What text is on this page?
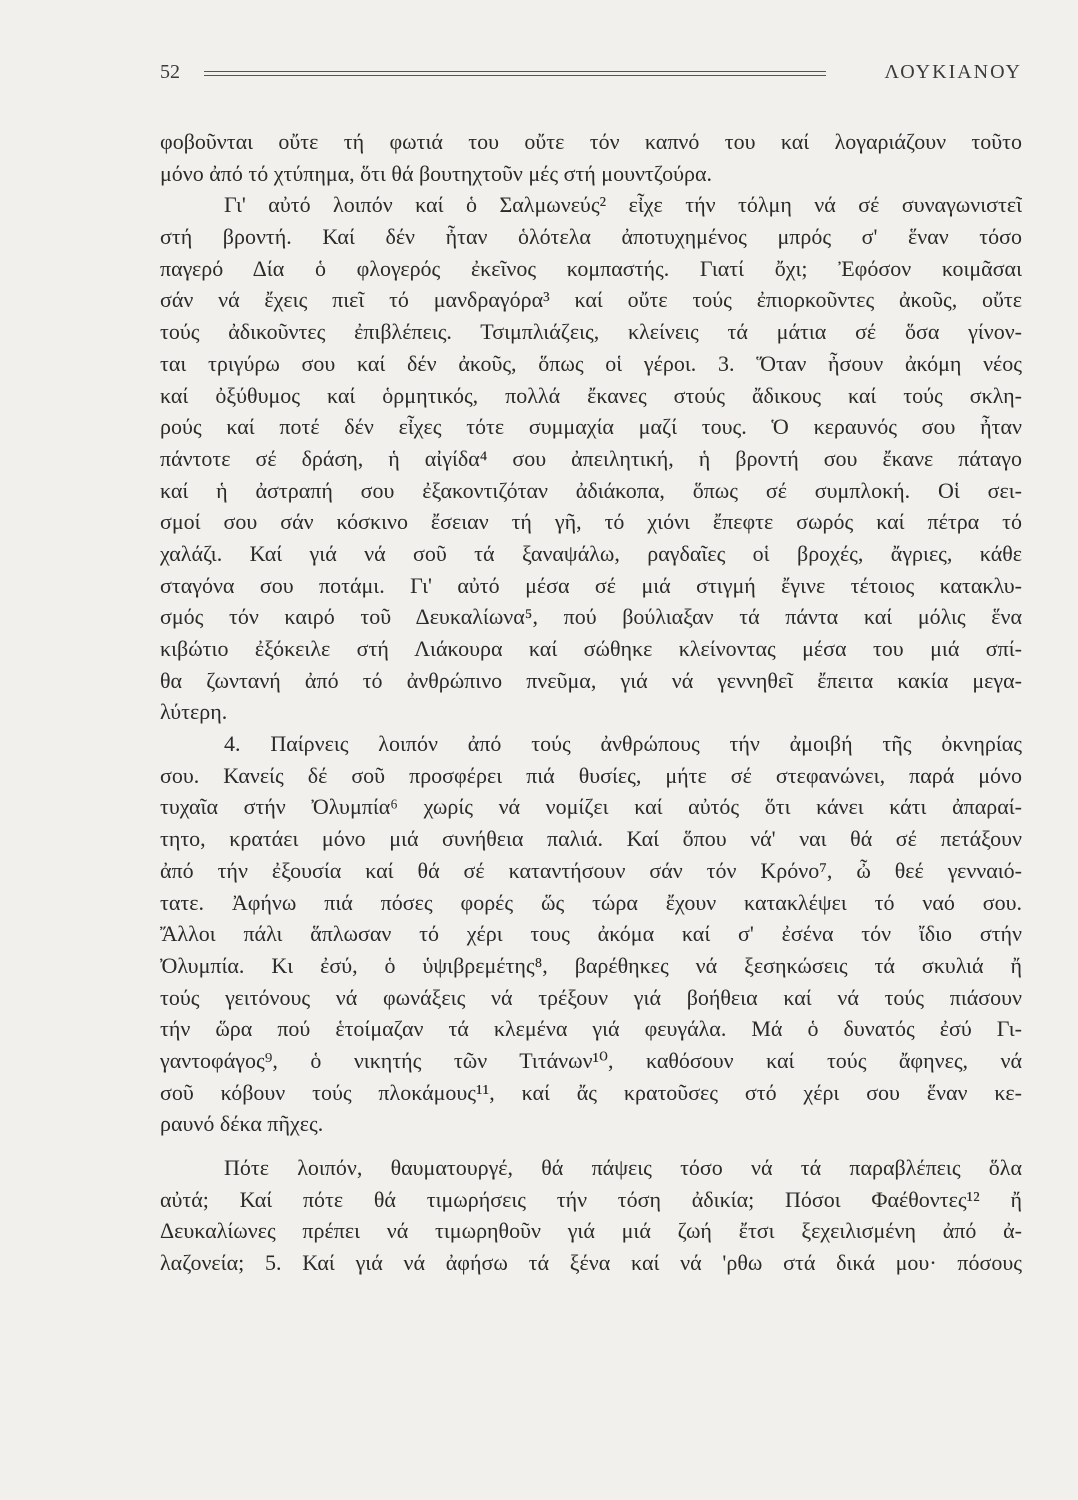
52	ΛΟΥΚΙΑΝΟΥ
φοβοῦνται οὔτε τή φωτιά του οὔτε τόν καπνό του καί λογαριάζουν τοῦτο
μόνο ἀπό τό χτύπημα, ὅτι θά βουτηχτοῦν μές στή μουντζούρα.
Γι' αὐτό λοιπόν καί ὁ Σαλμωνεύς² εἶχε τήν τόλμη νά σέ συναγωνιστεῖ
στή βροντή. Καί δέν ἦταν ὁλότελα ἀποτυχημένος μπρός σ' ἕναν τόσο
παγερό Δία ὁ φλογερός ἐκεῖνος κομπαστής. Γιατί ὄχι; Ἐφόσον κοιμᾶσαι
σάν νά ἔχεις πιεῖ τό μανδραγόρα³ καί οὔτε τούς ἐπιορκοῦντες ἀκοῦς, οὔτε
τούς ἀδικοῦντες ἐπιβλέπεις. Τσιμπλιάζεις, κλείνεις τά μάτια σέ ὅσα γίνον-
ται τριγύρω σου καί δέν ἀκοῦς, ὅπως οἱ γέροι. 3. Ὅταν ἦσουν ἀκόμη νέος
καί ὀξύθυμος καί ὁρμητικός, πολλά ἔκανες στούς ἄδικους καί τούς σκλη-
ρούς καί ποτέ δέν εἶχες τότε συμμαχία μαζί τους. Ὁ κεραυνός σου ἦταν
πάντοτε σέ δράση, ἡ αἰγίδα⁴ σου ἀπειλητική, ἡ βροντή σου ἔκανε πάταγο
καί ἡ ἀστραπή σου ἐξακοντιζόταν ἀδιάκοπα, ὅπως σέ συμπλοκή. Οἱ σει-
σμοί σου σάν κόσκινο ἔσειαν τή γῆ, τό χιόνι ἔπεφτε σωρός καί πέτρα τό
χαλάζι. Καί γιά νά σοῦ τά ξαναψάλω, ραγδαῖες οἱ βροχές, ἄγριες, κάθε
σταγόνα σου ποτάμι. Γι' αὐτό μέσα σέ μιά στιγμή ἔγινε τέτοιος κατακλυ-
σμός τόν καιρό τοῦ Δευκαλίωνα⁵, πού βούλιαξαν τά πάντα καί μόλις ἕνα
κιβώτιο ἐξόκειλε στή Λιάκουρα καί σώθηκε κλείνοντας μέσα του μιά σπί-
θα ζωντανή ἀπό τό ἀνθρώπινο πνεῦμα, γιά νά γεννηθεῖ ἔπειτα κακία μεγα-
λύτερη.
4. Παίρνεις λοιπόν ἀπό τούς ἀνθρώπους τήν ἀμοιβή τῆς ὀκνηρίας
σου. Κανείς δέ σοῦ προσφέρει πιά θυσίες, μήτε σέ στεφανώνει, παρά μόνο
τυχαῖα στήν Ὀλυμπία⁶ χωρίς νά νομίζει καί αὐτός ὅτι κάνει κάτι ἀπαραί-
τητο, κρατάει μόνο μιά συνήθεια παλιά. Καί ὅπου νά' ναι θά σέ πετάξουν
ἀπό τήν ἐξουσία καί θά σέ καταντήσουν σάν τόν Κρόνο⁷, ὦ θεέ γενναιό-
τατε. Ἀφήνω πιά πόσες φορές ὥς τώρα ἔχουν κατακλέψει τό ναό σου.
Ἄλλοι πάλι ἅπλωσαν τό χέρι τους ἀκόμα καί σ' ἐσένα τόν ἴδιο στήν
Ὀλυμπία. Κι ἐσύ, ὁ ὑψιβρεμέτης⁸, βαρέθηκες νά ξεσηκώσεις τά σκυλιά ἤ
τούς γειτόνους νά φωνάξεις νά τρέξουν γιά βοήθεια καί νά τούς πιάσουν
τήν ὥρα πού ἑτοίμαζαν τά κλεμένα γιά φευγάλα. Μά ὁ δυνατός ἐσύ Γι-
γαντοφάγος⁹, ὁ νικητής τῶν Τιτάνων¹⁰, καθόσουν καί τούς ἄφηνες, νά
σοῦ κόβουν τούς πλοκάμους¹¹, καί ἄς κρατοῦσες στό χέρι σου ἕναν κε-
ραυνό δέκα πῆχες.
Πότε λοιπόν, θαυματουργέ, θά πάψεις τόσο νά τά παραβλέπεις ὅλα
αὐτά; Καί πότε θά τιμωρήσεις τήν τόση ἀδικία; Πόσοι Φαέθοντες¹² ἤ
Δευκαλίωνες πρέπει νά τιμωρηθοῦν γιά μιά ζωή ἔτσι ξεχειλισμένη ἀπό ἀ-
λαζονεία; 5. Καί γιά νά ἀφήσω τά ξένα καί νά 'ρθω στά δικά μου· πόσους
